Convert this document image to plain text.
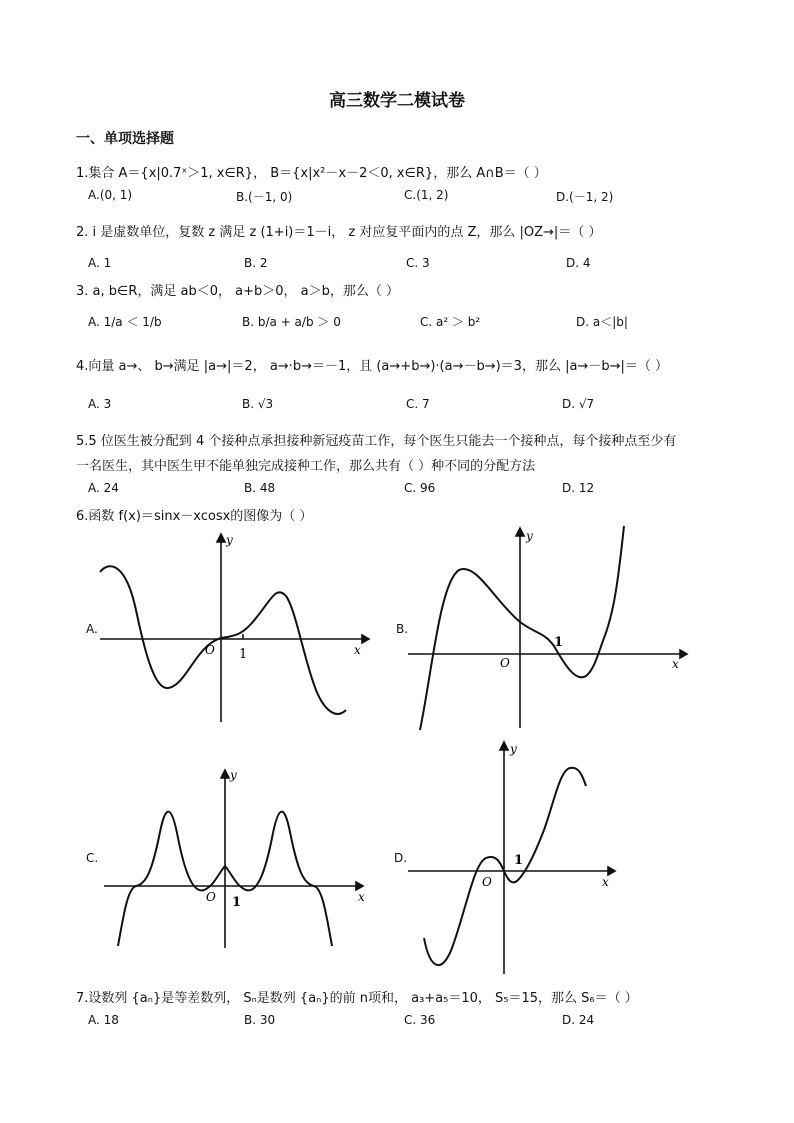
高三数学二模试卷
一、单项选择题
1.集合 A＝{x|0.7ˣ＞1, x∈R}， B＝{x|x²－x－2＜0, x∈R}，那么 A∩B＝（ ）
A.(0, 1)	B.(－1, 0)	C.(1, 2)	D.(－1, 2)
2. i 是虚数单位，复数 z 满足 z (1+i)＝1－i， z 对应复平面内的点 Z，那么 |OZ→|＝（ ）
A. 1	B. 2	C. 3	D. 4
3. a, b∈R，满足 ab＜0， a+b＞0， a＞b，那么（ ）
A. 1/a ＜ 1/b	B. b/a + a/b ＞ 0	C. a² ＞ b²	D. a＜|b|
4.向量 a→、 b→满足 |a→|＝2， a→·b→＝－1，且 (a→+b→)·(a→－b→)＝3，那么 |a→－b→|＝（ ）
A. 3	B. √3	C. 7	D. √7
5.5 位医生被分配到 4 个接种点承担接种新冠疫苗工作，每个医生只能去一个接种点，每个接种点至少有
一名医生，其中医生甲不能单独完成接种工作，那么共有（ ）种不同的分配方法
A. 24	B. 48	C. 96	D. 12
6.函数 f(x)＝sinx－xcosx的图像为（ ）
A.
O 1	x
y
B.
O
1
x
y
C.
O 1	x
y
D.
O
1
x
y
7.设数列 {aₙ}是等差数列， Sₙ是数列 {aₙ}的前 n项和， a₃+a₅＝10， S₅＝15，那么 S₆＝（ ）
A. 18	B. 30	C. 36	D. 24
